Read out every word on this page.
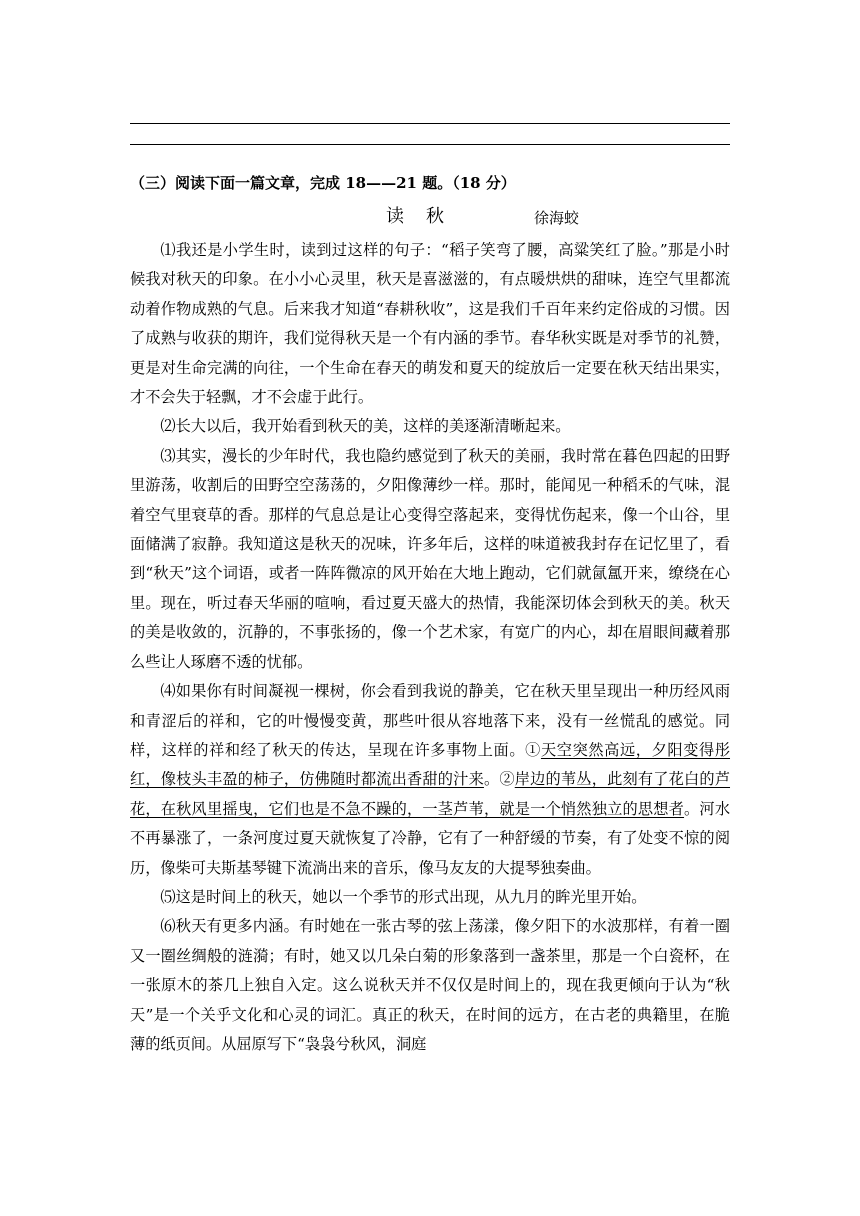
（三）阅读下面一篇文章，完成 18——21 题。（18 分）
读秋	徐海蛟

⑴我还是小学生时，读到过这样的句子：“稻子笑弯了腰，高粱笑红了脸。”那是小时候我对秋天的印象。在小小心灵里，秋天是喜滋滋的，有点暖烘烘的甜味，连空气里都流动着作物成熟的气息。后来我才知道“春耕秋收”，这是我们千百年来约定俗成的习惯。因了成熟与收获的期许，我们觉得秋天是一个有内涵的季节。春华秋实既是对季节的礼赞，更是对生命完满的向往，一个生命在春天的萌发和夏天的绽放后一定要在秋天结出果实，才不会失于轻飘，才不会虚于此行。

⑵长大以后，我开始看到秋天的美，这样的美逐渐清晰起来。

⑶其实，漫长的少年时代，我也隐约感觉到了秋天的美丽，我时常在暮色四起的田野里游荡，收割后的田野空空荡荡的，夕阳像薄纱一样。那时，能闻见一种稻禾的气味，混着空气里衰草的香。那样的气息总是让心变得空落起来，变得忧伤起来，像一个山谷，里面储满了寂静。我知道这是秋天的况味，许多年后，这样的味道被我封存在记忆里了，看到“秋天”这个词语，或者一阵阵微凉的风开始在大地上跑动，它们就氤氲开来，缭绕在心里。现在，听过春天华丽的喧响，看过夏天盛大的热情，我能深切体会到秋天的美。秋天的美是收敛的，沉静的，不事张扬的，像一个艺术家，有宽广的内心，却在眉眼间藏着那么些让人琢磨不透的忧郁。

⑷如果你有时间凝视一棵树，你会看到我说的静美，它在秋天里呈现出一种历经风雨和青涩后的祥和，它的叶慢慢变黄，那些叶很从容地落下来，没有一丝慌乱的感觉。同样，这样的祥和经了秋天的传达，呈现在许多事物上面。①天空突然高远，夕阳变得彤红，像枝头丰盈的柿子，仿佛随时都流出香甜的汁来。②岸边的苇丛，此刻有了花白的芦花，在秋风里摇曳，它们也是不急不躁的，一茎芦苇，就是一个悄然独立的思想者。河水不再暴涨了，一条河度过夏天就恢复了冷静，它有了一种舒缓的节奏，有了处变不惊的阅历，像柴可夫斯基琴键下流淌出来的音乐，像马友友的大提琴独奏曲。

⑸这是时间上的秋天，她以一个季节的形式出现，从九月的眸光里开始。

⑹秋天有更多内涵。有时她在一张古琴的弦上荡漾，像夕阳下的水波那样，有着一圈又一圈丝绸般的涟漪；有时，她又以几朵白菊的形象落到一盏茶里，那是一个白瓷杯，在一张原木的茶几上独自入定。这么说秋天并不仅仅是时间上的，现在我更倾向于认为“秋天”是一个关乎文化和心灵的词汇。真正的秋天，在时间的远方，在古老的典籍里，在脆薄的纸页间。从屈原写下“袅袅兮秋风，洞庭
